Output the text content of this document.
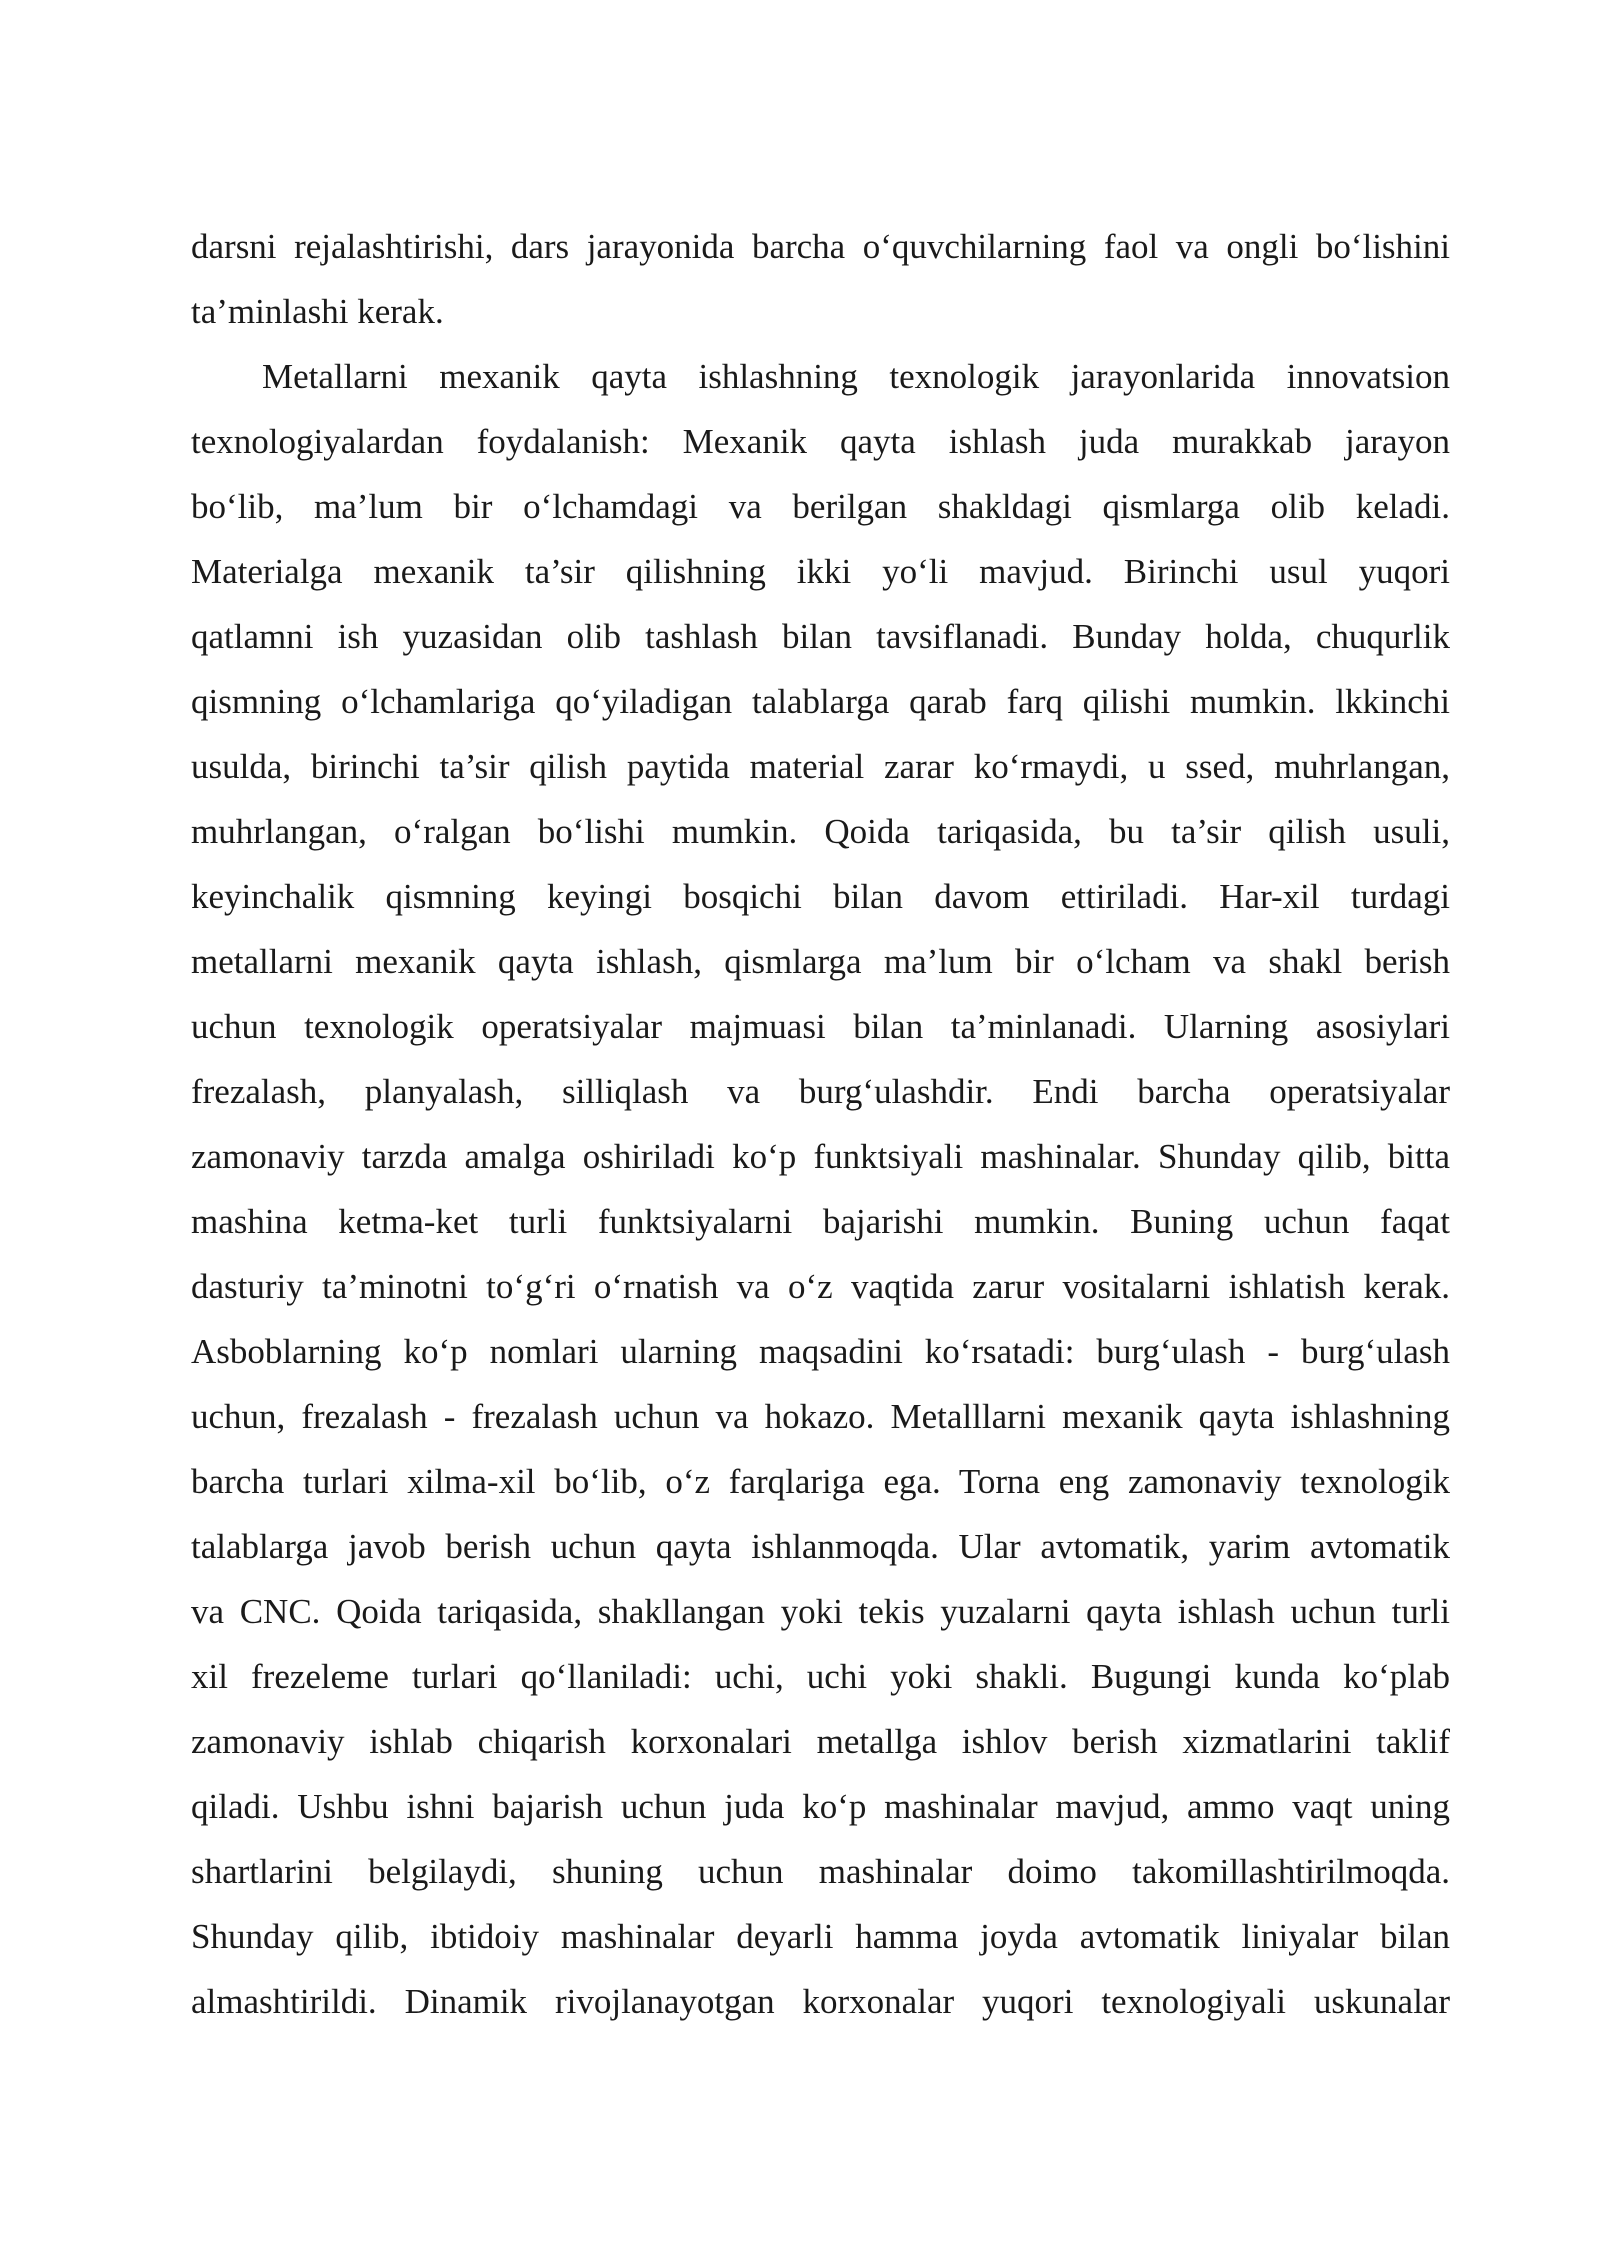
darsni rejalashtirishi, dars jarayonida barcha o‘quvchilarning faol va ongli bo‘lishini
ta’minlashi kerak.
Metallarni mexanik qayta ishlashning texnologik jarayonlarida innovatsion
texnologiyalardan foydalanish: Mexanik qayta ishlash juda murakkab jarayon
bo‘lib, ma’lum bir o‘lchamdagi va berilgan shakldagi qismlarga olib keladi.
Materialga mexanik ta’sir qilishning ikki yo‘li mavjud. Birinchi usul yuqori
qatlamni ish yuzasidan olib tashlash bilan tavsiflanadi. Bunday holda, chuqurlik
qismning o‘lchamlariga qo‘yiladigan talablarga qarab farq qilishi mumkin. lkkinchi
usulda, birinchi ta’sir qilish paytida material zarar ko‘rmaydi, u ssed, muhrlangan,
muhrlangan, o‘ralgan bo‘lishi mumkin. Qoida tariqasida, bu ta’sir qilish usuli,
keyinchalik qismning keyingi bosqichi bilan davom ettiriladi. Har-xil turdagi
metallarni mexanik qayta ishlash, qismlarga ma’lum bir o‘lcham va shakl berish
uchun texnologik operatsiyalar majmuasi bilan ta’minlanadi. Ularning asosiylari
frezalash, planyalash, silliqlash va burg‘ulashdir. Endi barcha operatsiyalar
zamonaviy tarzda amalga oshiriladi ko‘p funktsiyali mashinalar. Shunday qilib, bitta
mashina ketma-ket turli funktsiyalarni bajarishi mumkin. Buning uchun faqat
dasturiy ta’minotni to‘g‘ri o‘rnatish va o‘z vaqtida zarur vositalarni ishlatish kerak.
Asboblarning ko‘p nomlari ularning maqsadini ko‘rsatadi: burg‘ulash - burg‘ulash
uchun, frezalash - frezalash uchun va hokazo. Metalllarni mexanik qayta ishlashning
barcha turlari xilma-xil bo‘lib, o‘z farqlariga ega. Torna eng zamonaviy texnologik
talablarga javob berish uchun qayta ishlanmoqda. Ular avtomatik, yarim avtomatik
va CNC. Qoida tariqasida, shakllangan yoki tekis yuzalarni qayta ishlash uchun turli
xil frezeleme turlari qo‘llaniladi: uchi, uchi yoki shakli. Bugungi kunda ko‘plab
zamonaviy ishlab chiqarish korxonalari metallga ishlov berish xizmatlarini taklif
qiladi. Ushbu ishni bajarish uchun juda ko‘p mashinalar mavjud, ammo vaqt uning
shartlarini belgilaydi, shuning uchun mashinalar doimo takomillashtirilmoqda.
Shunday qilib, ibtidoiy mashinalar deyarli hamma joyda avtomatik liniyalar bilan
almashtirildi. Dinamik rivojlanayotgan korxonalar yuqori texnologiyali uskunalar
